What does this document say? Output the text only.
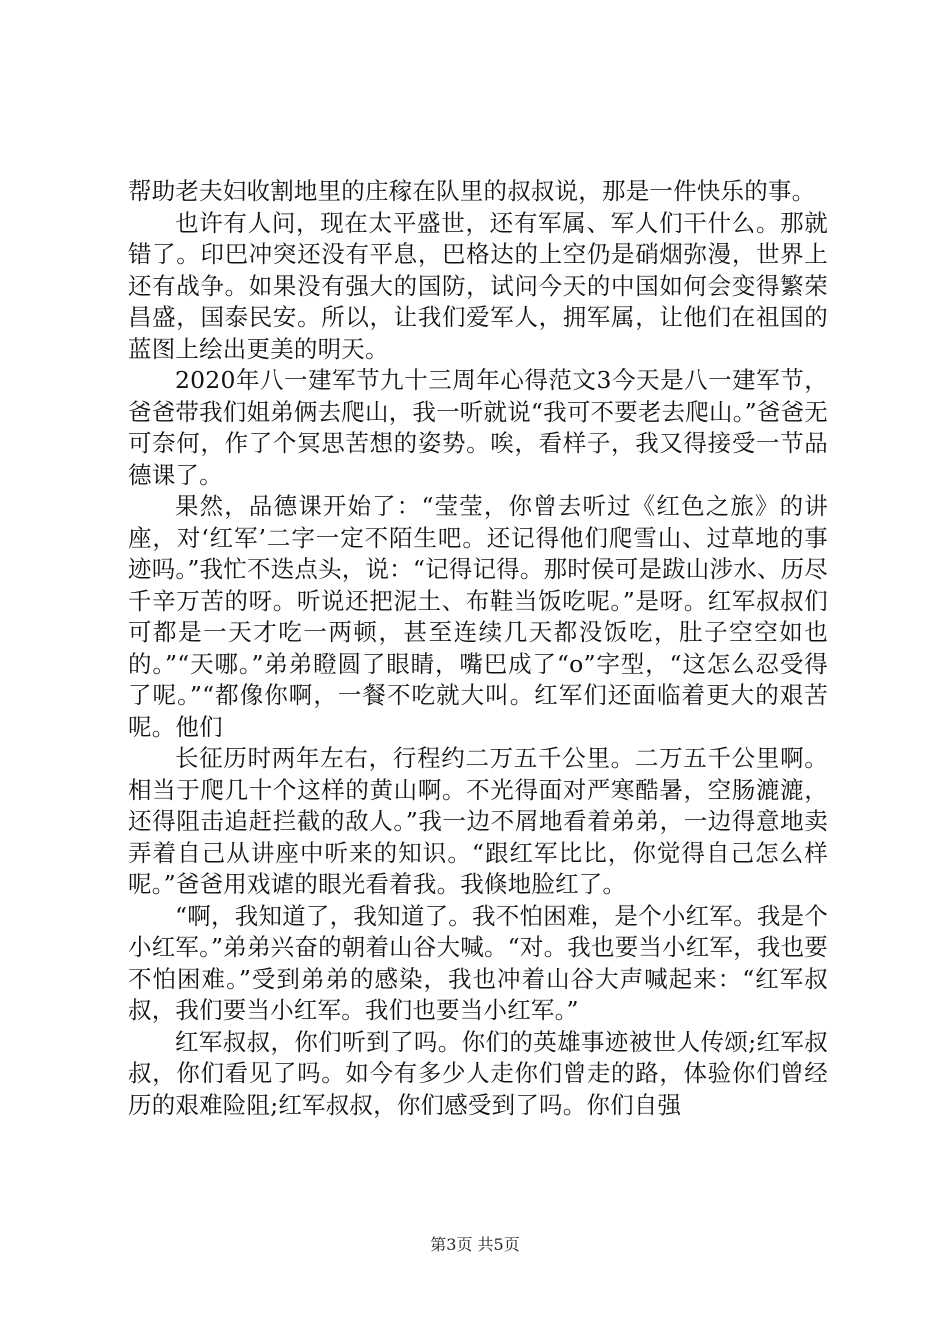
帮助老夫妇收割地里的庄稼在队里的叔叔说，那是一件快乐的事。

也许有人问，现在太平盛世，还有军属、军人们干什么。那就错了。印巴冲突还没有平息，巴格达的上空仍是硝烟弥漫，世界上还有战争。如果没有强大的国防，试问今天的中国如何会变得繁荣昌盛，国泰民安。所以，让我们爱军人，拥军属，让他们在祖国的蓝图上绘出更美的明天。

2020年八一建军节九十三周年心得范文3今天是八一建军节，爸爸带我们姐弟俩去爬山，我一听就说“我可不要老去爬山。”爸爸无可奈何，作了个冥思苦想的姿势。唉，看样子，我又得接受一节品德课了。

果然，品德课开始了：“莹莹，你曾去听过《红色之旅》的讲座，对‘红军’二字一定不陌生吧。还记得他们爬雪山、过草地的事迹吗。”我忙不迭点头，说：“记得记得。那时侯可是跋山涉水、历尽千辛万苦的呀。听说还把泥土、布鞋当饭吃呢。”是呀。红军叔叔们可都是一天才吃一两顿，甚至连续几天都没饭吃，肚子空空如也的。”“天哪。”弟弟瞪圆了眼睛，嘴巴成了“o”字型，“这怎么忍受得了呢。”“都像你啊，一餐不吃就大叫。红军们还面临着更大的艰苦呢。他们

长征历时两年左右，行程约二万五千公里。二万五千公里啊。相当于爬几十个这样的黄山啊。不光得面对严寒酷暑，空肠漉漉，还得阻击追赶拦截的敌人。”我一边不屑地看着弟弟，一边得意地卖弄着自己从讲座中听来的知识。“跟红军比比，你觉得自己怎么样呢。”爸爸用戏谑的眼光看着我。我倏地脸红了。

“啊，我知道了，我知道了。我不怕困难，是个小红军。我是个小红军。”弟弟兴奋的朝着山谷大喊。“对。我也要当小红军，我也要不怕困难。”受到弟弟的感染，我也冲着山谷大声喊起来：“红军叔叔，我们要当小红军。我们也要当小红军。”

红军叔叔，你们听到了吗。你们的英雄事迹被世人传颂;红军叔叔，你们看见了吗。如今有多少人走你们曾走的路，体验你们曾经历的艰难险阻;红军叔叔，你们感受到了吗。你们自强

第3页 共5页
